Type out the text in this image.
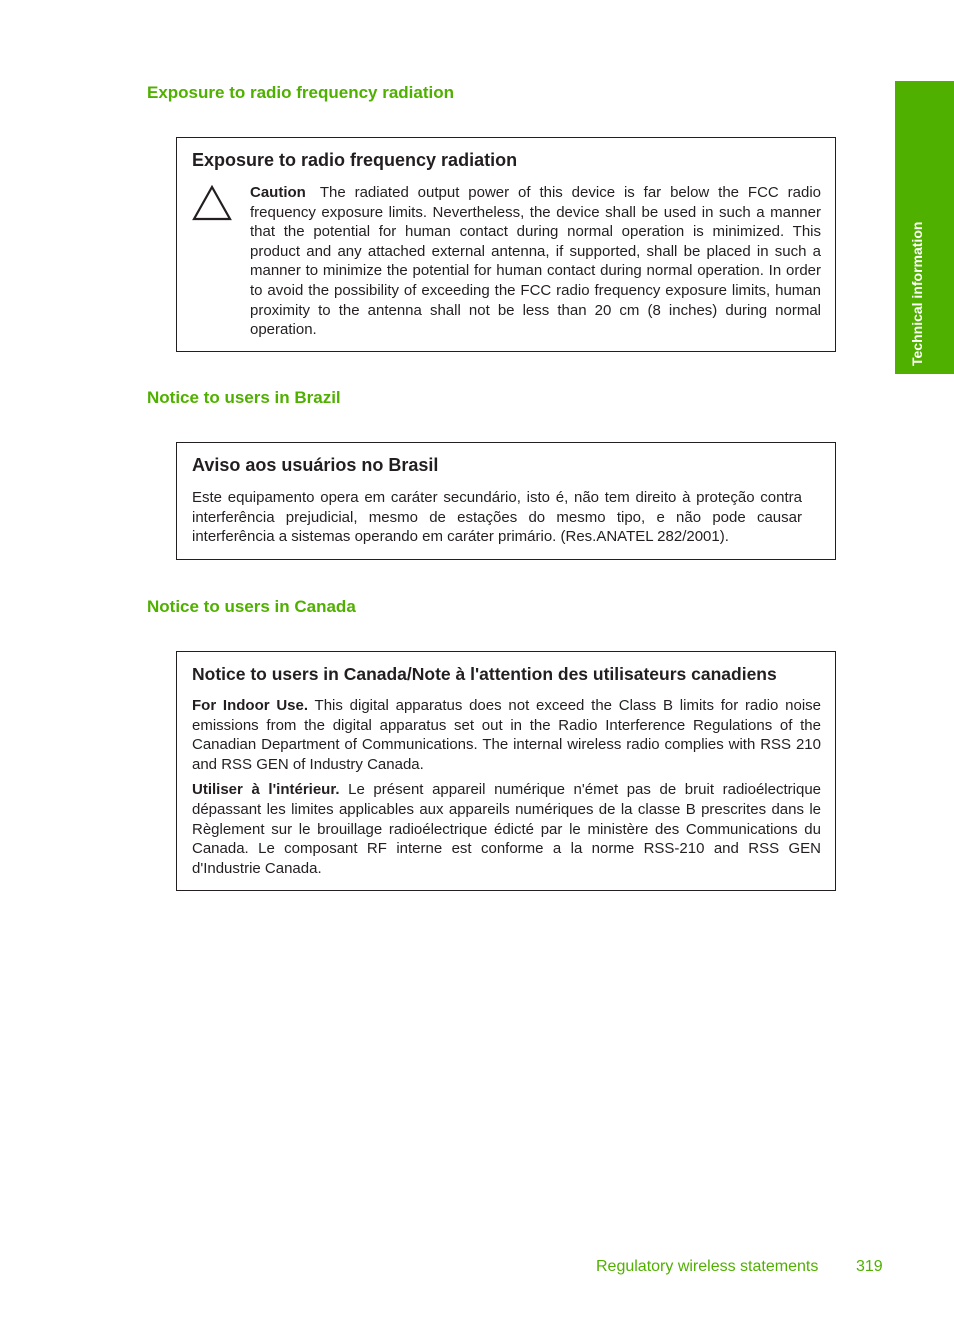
Technical information
Exposure to radio frequency radiation
Exposure to radio frequency radiation

Caution The radiated output power of this device is far below the FCC radio frequency exposure limits. Nevertheless, the device shall be used in such a manner that the potential for human contact during normal operation is minimized. This product and any attached external antenna, if supported, shall be placed in such a manner to minimize the potential for human contact during normal operation. In order to avoid the possibility of exceeding the FCC radio frequency exposure limits, human proximity to the antenna shall not be less than 20 cm (8 inches) during normal operation.

Notice to users in Brazil
Aviso aos usuários no Brasil

Este equipamento opera em caráter secundário, isto é, não tem direito à proteção contra interferência prejudicial, mesmo de estações do mesmo tipo, e não pode causar interferência a sistemas operando em caráter primário. (Res.ANATEL 282/2001).

Notice to users in Canada
Notice to users in Canada/Note à l'attention des utilisateurs canadiens

For Indoor Use. This digital apparatus does not exceed the Class B limits for radio noise emissions from the digital apparatus set out in the Radio Interference Regulations of the Canadian Department of Communications. The internal wireless radio complies with RSS 210 and RSS GEN of Industry Canada.

Utiliser à l'intérieur. Le présent appareil numérique n'émet pas de bruit radioélectrique dépassant les limites applicables aux appareils numériques de la classe B prescrites dans le Règlement sur le brouillage radioélectrique édicté par le ministère des Communications du Canada. Le composant RF interne est conforme a la norme RSS-210 and RSS GEN d'Industrie Canada.

Regulatory wireless statements 319
